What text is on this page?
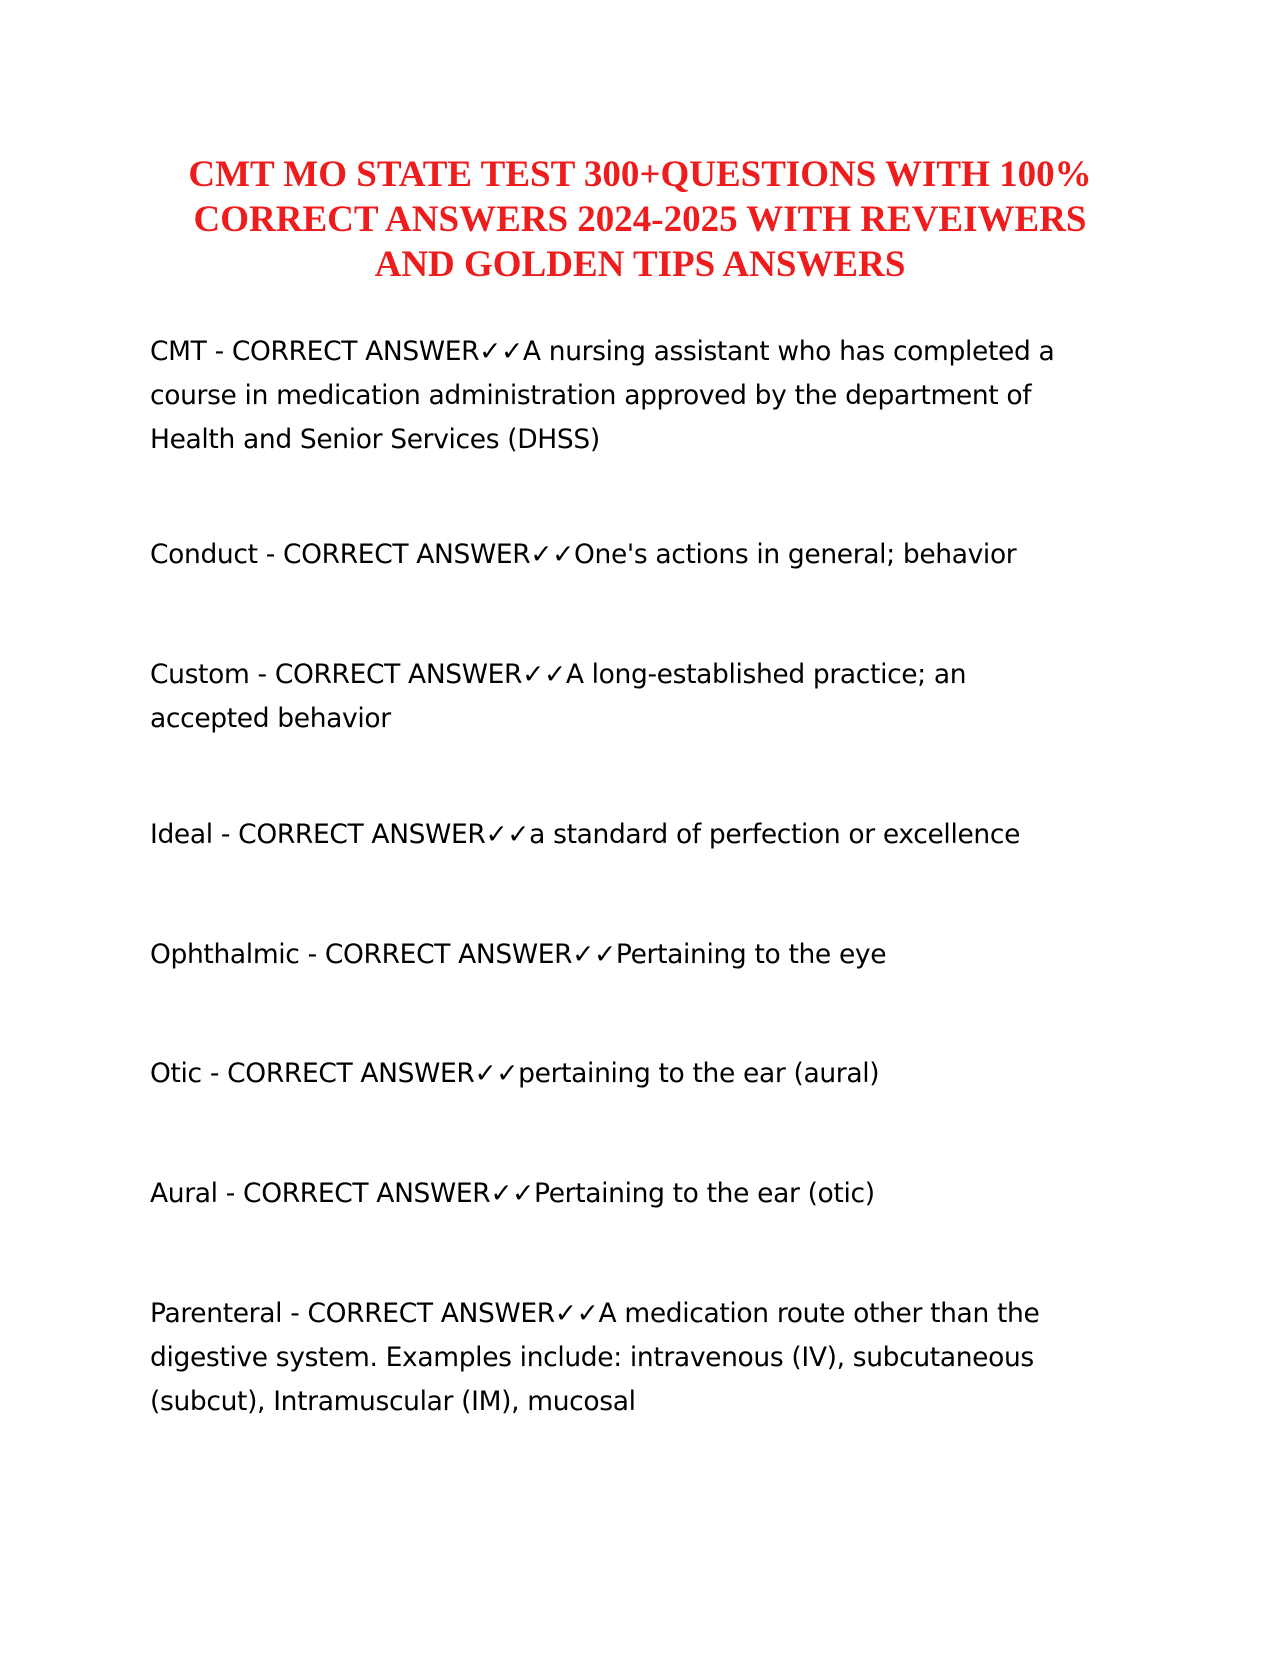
CMT MO STATE TEST 300+QUESTIONS WITH 100%
CORRECT ANSWERS 2024-2025 WITH REVEIWERS
AND GOLDEN TIPS ANSWERS

CMT - CORRECT ANSWER✓✓A nursing assistant who has completed a
course in medication administration approved by the department of
Health and Senior Services (DHSS)

Conduct - CORRECT ANSWER✓✓One's actions in general; behavior

Custom - CORRECT ANSWER✓✓A long-established practice; an
accepted behavior

Ideal - CORRECT ANSWER✓✓a standard of perfection or excellence

Ophthalmic - CORRECT ANSWER✓✓Pertaining to the eye

Otic - CORRECT ANSWER✓✓pertaining to the ear (aural)

Aural - CORRECT ANSWER✓✓Pertaining to the ear (otic)

Parenteral - CORRECT ANSWER✓✓A medication route other than the
digestive system. Examples include: intravenous (IV), subcutaneous
(subcut), Intramuscular (IM), mucosal
